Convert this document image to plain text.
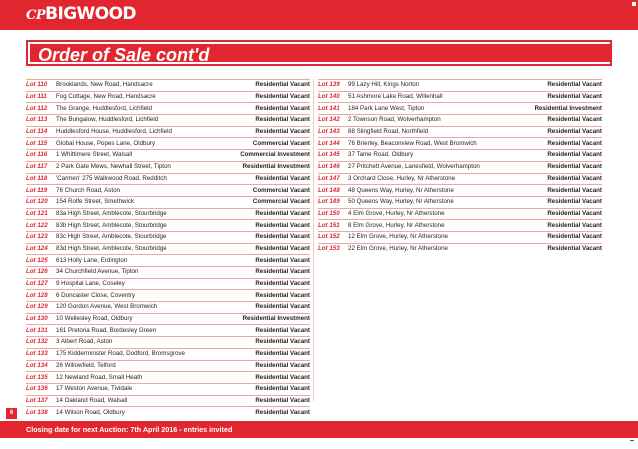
CP BIGWOOD
Order of Sale cont'd
Lot 110	Brooklands, New Road, Handsacre	Residential Vacant
Lot 111	Fog Cottage, New Road, Handsacre	Residential Vacant
Lot 112	The Grange, Huddlesford, Lichfield	Residential Vacant
Lot 113	The Bungalow, Huddlesford, Lichfield	Residential Vacant
Lot 114	Huddlesford House, Huddlesford, Lichfield	Residential Vacant
Lot 115	Global House, Popes Lane, Oldbury	Commercial Vacant
Lot 116	1 Whittimere Street, Walsall	Commercial Investment
Lot 117	2 Park Gate Mews, Newhall Street, Tipton	Residential Investment
Lot 118	'Carmen' 275 Walkwood Road, Redditch	Residential Vacant
Lot 119	76 Church Road, Aston	Commercial Vacant
Lot 120	154 Rolfe Street, Smethwick	Commercial Vacant
Lot 121	83a High Street, Amblecote, Stourbridge	Residential Vacant
Lot 122	83b High Street, Amblecote, Stourbridge	Residential Vacant
Lot 123	83c High Street, Amblecote, Stourbridge	Residential Vacant
Lot 124	83d High Street, Amblecote, Stourbridge	Residential Vacant
Lot 125	613 Holly Lane, Erdington	Residential Vacant
Lot 126	34 Churchfield Avenue, Tipton	Residential Vacant
Lot 127	9 Hospital Lane, Coseley	Residential Vacant
Lot 128	6 Doncaster Close, Coventry	Residential Vacant
Lot 129	120 Gordon Avenue, West Bromwich	Residential Vacant
Lot 130	10 Wellesley Road, Oldbury	Residential Investment
Lot 131	161 Pretoria Road, Bordesley Green	Residential Vacant
Lot 132	3 Albert Road, Aston	Residential Vacant
Lot 133	175 Kidderminster Road, Dodford, Bromsgrove	Residential Vacant
Lot 134	26 Willowfield, Telford	Residential Vacant
Lot 135	12 Newland Road, Small Heath	Residential Vacant
Lot 136	17 Weston Avenue, Tividale	Residential Vacant
Lot 137	14 Oakland Road, Walsall	Residential Vacant
Lot 138	14 Wilson Road, Oldbury	Residential Vacant
Lot 139	99 Lazy Hill, Kings Norton	Residential Vacant
Lot 140	51 Ashmore Lake Road, Willenhall	Residential Vacant
Lot 141	184 Park Lane West, Tipton	Residential Investment
Lot 142	2 Townson Road, Wolverhampton	Residential Vacant
Lot 143	88 Slingfield Road, Northfield	Residential Vacant
Lot 144	76 Brierley, Beaconview Road, West Bromwich	Residential Vacant
Lot 145	37 Tame Road, Oldbury	Residential Vacant
Lot 146	27 Pritchett Avenue, Lanesfield, Wolverhampton	Residential Vacant
Lot 147	3 Orchard Close, Hurley, Nr Atherstone	Residential Vacant
Lot 148	48 Queens Way, Hurley, Nr Atherstone	Residential Vacant
Lot 149	50 Queens Way, Hurley, Nr Atherstone	Residential Vacant
Lot 150	4 Elm Grove, Hurley, Nr Atherstone	Residential Vacant
Lot 151	8 Elm Grove, Hurley, Nr Atherstone	Residential Vacant
Lot 152	12 Elm Grove, Hurley, Nr Atherstone	Residential Vacant
Lot 153	22 Elm Grove, Hurley, Nr Atherstone	Residential Vacant
6
Closing date for next Auction: 7th April 2016 - entries invited
